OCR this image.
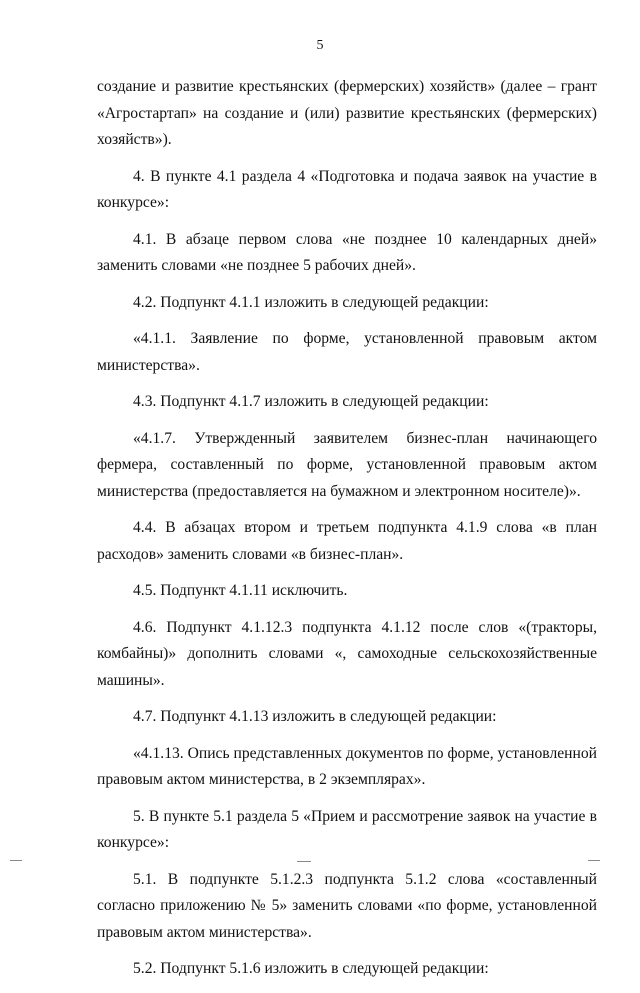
5

создание и развитие крестьянских (фермерских) хозяйств» (далее – грант «Агростартап» на создание и (или) развитие крестьянских (фермерских) хозяйств»).

4. В пункте 4.1 раздела 4 «Подготовка и подача заявок на участие в конкурсе»:

4.1. В абзаце первом слова «не позднее 10 календарных дней» заменить словами «не позднее 5 рабочих дней».

4.2. Подпункт 4.1.1 изложить в следующей редакции:

«4.1.1. Заявление по форме, установленной правовым актом министерства».

4.3. Подпункт 4.1.7 изложить в следующей редакции:

«4.1.7. Утвержденный заявителем бизнес-план начинающего фермера, составленный по форме, установленной правовым актом министерства (предоставляется на бумажном и электронном носителе)».

4.4. В абзацах втором и третьем подпункта 4.1.9 слова «в план расходов» заменить словами «в бизнес-план».

4.5. Подпункт 4.1.11 исключить.

4.6. Подпункт 4.1.12.3 подпункта 4.1.12 после слов «(тракторы, комбайны)» дополнить словами «, самоходные сельскохозяйственные машины».

4.7. Подпункт 4.1.13 изложить в следующей редакции:

«4.1.13. Опись представленных документов по форме, установленной правовым актом министерства, в 2 экземплярах».

5. В пункте 5.1 раздела 5 «Прием и рассмотрение заявок на участие в конкурсе»:

5.1. В подпункте 5.1.2.3 подпункта 5.1.2 слова «составленный согласно приложению № 5» заменить словами «по форме, установленной правовым актом министерства».

5.2. Подпункт 5.1.6 изложить в следующей редакции:
